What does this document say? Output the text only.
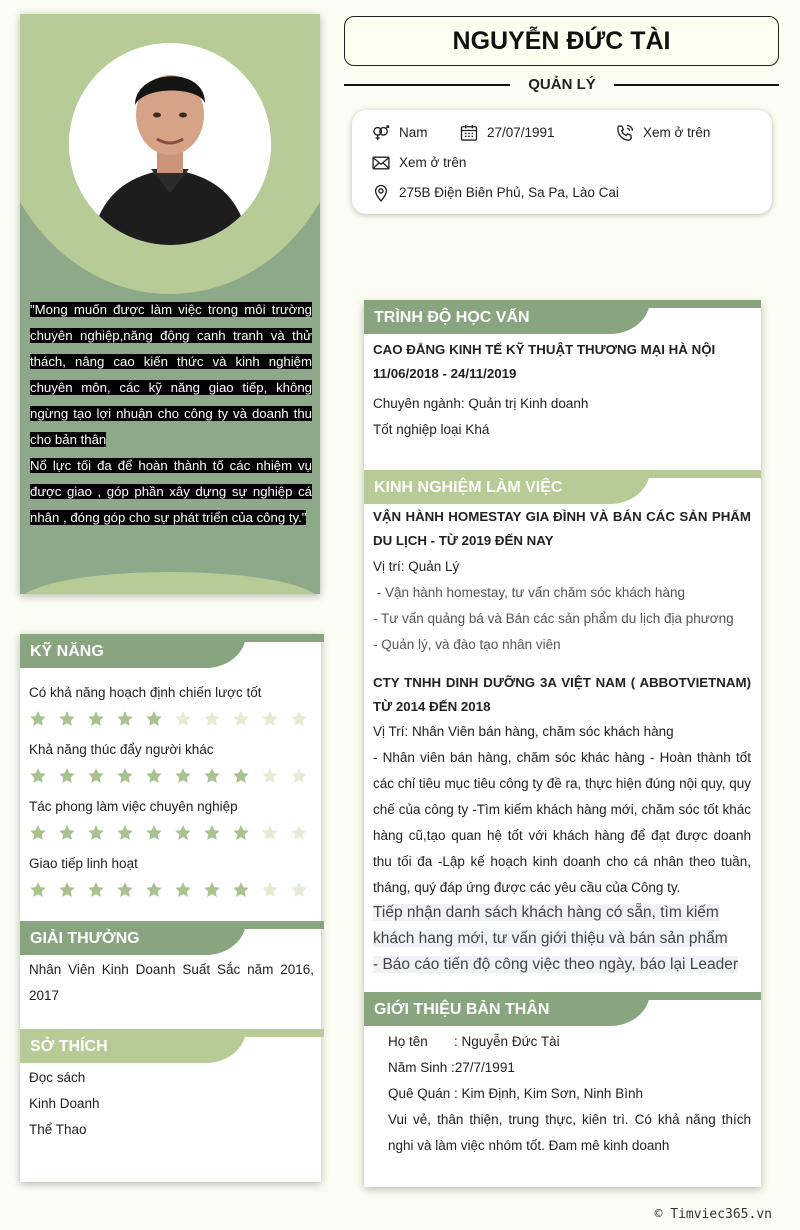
"Mong muốn được làm việc trong môi trường chuyên nghiệp,năng động canh tranh và thử thách, nâng cao kiến thức và kinh nghiệm chuyên môn, các kỹ năng giao tiếp, không ngừng tạo lợi nhuận cho công ty và doanh thu cho bản thân

Nổ lực tối đa để hoàn thành tố các nhiệm vụ được giao , góp phần xây dựng sự nghiệp cá nhân , đóng góp cho sự phát triển của công ty."

KỸ NĂNG
Có khả năng hoạch định chiến lược tốt
Khả năng thúc đẩy người khác
Tác phong làm việc chuyên nghiệp
Giao tiếp linh hoạt
GIẢI THƯỞNG
Nhân Viên Kinh Doanh Suất Sắc năm 2016, 2017
SỞ THÍCH
Đọc sách
Kinh Doanh
Thể Thao
NGUYỄN ĐỨC TÀI
QUẢN LÝ
Nam	27/07/1991	Xem ở trên
Xem ở trên
275B Điện Biên Phủ, Sa Pa, Lào Cai
TRÌNH ĐỘ HỌC VẤN
CAO ĐẲNG KINH TẾ KỸ THUẬT THƯƠNG MẠI HÀ NỘI
11/06/2018 - 24/11/2019
Chuyên ngành: Quản trị Kinh doanh
Tốt nghiệp loại Khá
KINH NGHIỆM LÀM VIỆC
VẬN HÀNH HOMESTAY GIA ĐÌNH VÀ BÁN CÁC SẢN PHẨM DU LỊCH - TỪ 2019 ĐẾN NAY
Vị trí: Quản Lý
- Vận hành homestay, tư vấn chăm sóc khách hàng
- Tư vấn quảng bá và Bán các sản phẩm du lịch địa phương
- Quản lý, và đào tạo nhân viên
CTY TNHH DINH DƯỠNG 3A VIỆT NAM ( ABBOTVIETNAM) TỪ 2014 ĐẾN 2018
Vị Trí: Nhân Viên bán hàng, chăm sóc khách hàng
- Nhân viên bán hàng, chăm sóc khác hàng - Hoàn thành tốt các chỉ tiêu mục tiêu công ty đề ra, thực hiện đúng nội quy, quy chế của công ty -Tìm kiếm khách hàng mới, chăm sóc tốt khác hàng cũ,tạo quan hệ tốt với khách hàng để đạt được doanh thu tối đa -Lập kế hoạch kinh doanh cho cá nhân theo tuần, tháng, quý đáp ứng được các yêu cầu của Công ty.
Tiếp nhận danh sách khách hàng có sẵn, tìm kiếm khách hang mới, tư vấn giới thiệu và bán sản phẩm
- Báo cáo tiến độ công việc theo ngày, báo lại Leader
GIỚI THIỆU BẢN THÂN
Họ tên       : Nguyễn Đức Tài
Năm Sinh :27/7/1991
Quê Quán : Kim Định, Kim Sơn, Ninh Bình
Vui vẻ, thân thiện, trung thực, kiên trì. Có khả năng thích nghi và làm việc nhóm tốt. Đam mê kinh doanh
© Timviec365.vn
